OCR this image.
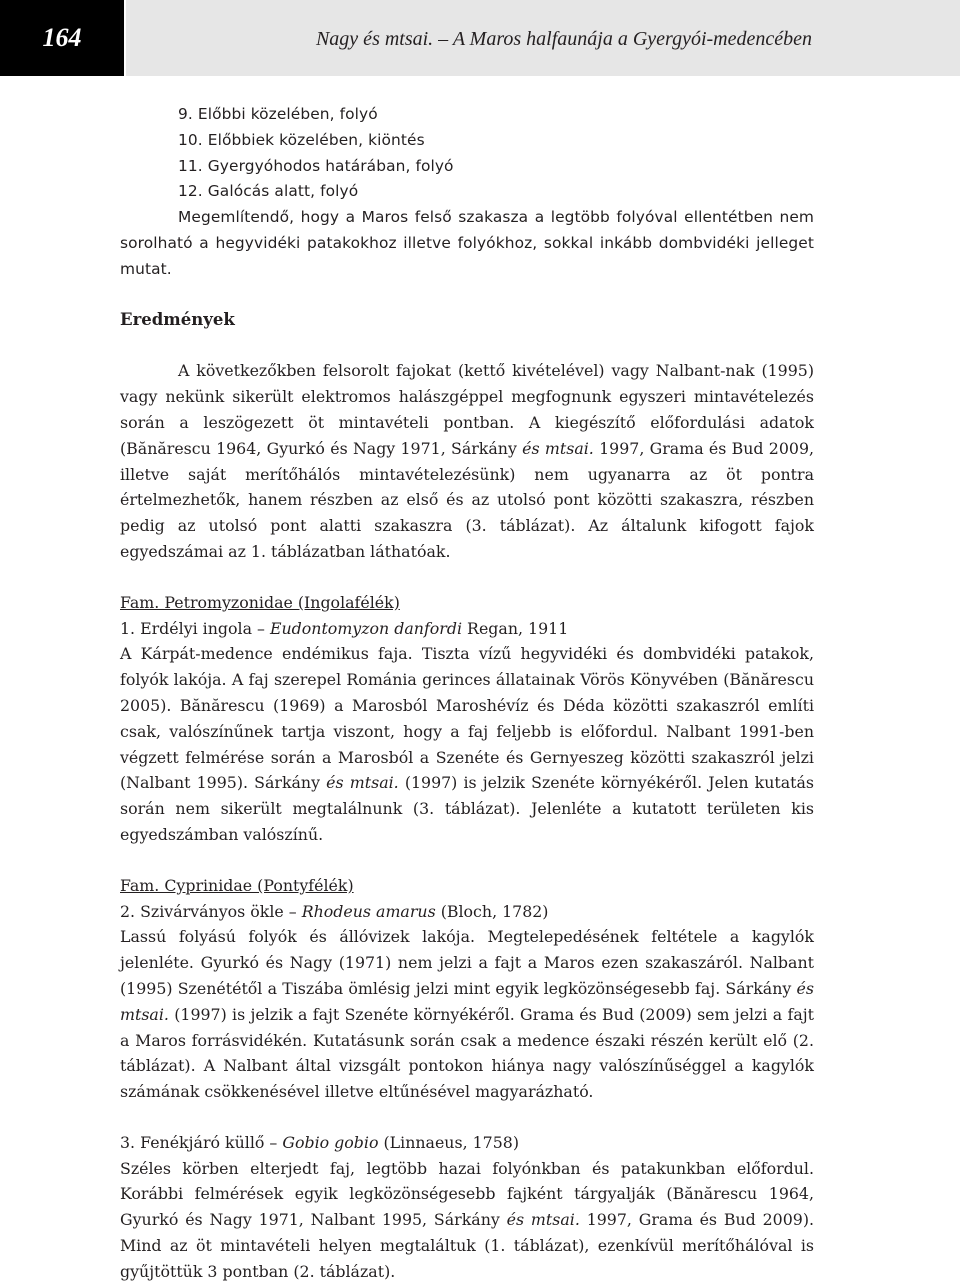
164	Nagy és mtsai. – A Maros halfaunája a Gyergyói-medencében

9. Előbbi közelében, folyó

10. Előbbiek közelében, kiöntés

11. Gyergyóhodos határában, folyó

12. Galócás alatt, folyó

Megemlítendő, hogy a Maros felső szakasza a legtöbb folyóval ellentétben nem sorolható a hegyvidéki patakokhoz illetve folyókhoz, sokkal inkább dombvidéki jelleget mutat.

Eredmények

A következőkben felsorolt fajokat (kettő kivételével) vagy Nalbant-nak (1995) vagy nekünk sikerült elektromos halászgéppel megfognunk egyszeri mintavételezés során a leszögezett öt mintavételi pontban. A kiegészítő előfordulási adatok (Bănărescu 1964, Gyurkó és Nagy 1971, Sárkány és mtsai. 1997, Grama és Bud 2009, illetve saját merítőhálós mintavételezésünk) nem ugyanarra az öt pontra értelmezhetők, hanem részben az első és az utolsó pont közötti szakaszra, részben pedig az utolsó pont alatti szakaszra (3. táblázat). Az általunk kifogott fajok egyedszámai az 1. táblázatban láthatóak.

Fam. Petromyzonidae (Ingolafélék)

1. Erdélyi ingola – Eudontomyzon danfordi Regan, 1911

A Kárpát-medence endémikus faja. Tiszta vízű hegyvidéki és dombvidéki patakok, folyók lakója. A faj szerepel Románia gerinces állatainak Vörös Könyvében (Bănărescu 2005). Bănărescu (1969) a Marosból Maroshévíz és Déda közötti szakaszról említi csak, valószínűnek tartja viszont, hogy a faj feljebb is előfordul. Nalbant 1991-ben végzett felmérése során a Marosból a Szenéte és Gernyeszeg közötti szakaszról jelzi (Nalbant 1995). Sárkány és mtsai. (1997) is jelzik Szenéte környékéről. Jelen kutatás során nem sikerült megtalálnunk (3. táblázat). Jelenléte a kutatott területen kis egyedszámban valószínű.

Fam. Cyprinidae (Pontyfélék)

2. Szivárványos ökle – Rhodeus amarus (Bloch, 1782)

Lassú folyású folyók és állóvizek lakója. Megtelepedésének feltétele a kagylók jelenléte. Gyurkó és Nagy (1971) nem jelzi a fajt a Maros ezen szakaszáról. Nalbant (1995) Szenététől a Tiszába ömlésig jelzi mint egyik legközönségesebb faj. Sárkány és mtsai. (1997) is jelzik a fajt Szenéte környékéről. Grama és Bud (2009) sem jelzi a fajt a Maros forrásvidékén. Kutatásunk során csak a medence északi részén került elő (2. táblázat). A Nalbant által vizsgált pontokon hiánya nagy valószínűséggel a kagylók számának csökkenésével illetve eltűnésével magyarázható.

3. Fenékjáró küllő – Gobio gobio (Linnaeus, 1758)

Széles körben elterjedt faj, legtöbb hazai folyónkban és patakunkban előfordul. Korábbi felmérések egyik legközönségesebb fajként tárgyalják (Bănărescu 1964, Gyurkó és Nagy 1971, Nalbant 1995, Sárkány és mtsai. 1997, Grama és Bud 2009). Mind az öt mintavételi helyen megtaláltuk (1. táblázat), ezenkívül merítőhálóval is gyűjtöttük 3 pontban (2. táblázat).
